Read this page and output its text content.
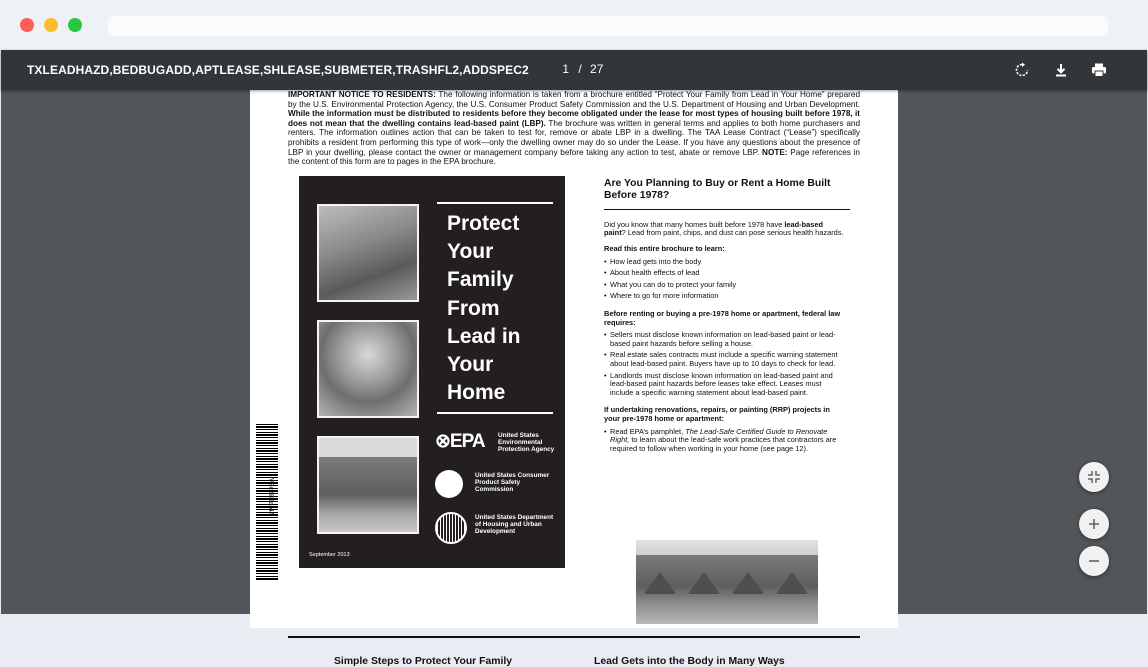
TXLEADHAZD,BEDBUGADD,APTLEASE,SHLEASE,SUBMETER,TRASHFL2,ADDSPEC2	1 / 27
IMPORTANT NOTICE TO RESIDENTS: The following information is taken from a brochure entitled “Protect Your Family from Lead in Your Home” prepared by the U.S. Environmental Protection Agency, the U.S. Consumer Product Safety Commission and the U.S. Department of Housing and Urban Development. While the information must be distributed to residents before they become obligated under the lease for most types of housing built before 1978, it does not mean that the dwelling contains lead-based paint (LBP). The brochure was written in general terms and applies to both home purchasers and renters. The information outlines action that can be taken to test for, remove or abate LBP in a dwelling. The TAA Lease Contract (“Lease”) specifically prohibits a resident from performing this type of work—only the dwelling owner may do so under the Lease. If you have any questions about the presence of LBP in your dwelling, please contact the owner or management company before taking any action to test, abate or remove LBP. NOTE: Page references in the content of this form are to pages in the EPA brochure.
V3ctf85af44
Protect
Your
Family
From
Lead in
Your
Home
⊗EPA United States Environmental Protection Agency
United States Consumer Product Safety Commission
United States Department of Housing and Urban Development
September 2013
Are You Planning to Buy or Rent a Home Built Before 1978?

Did you know that many homes built before 1978 have lead-based paint? Lead from paint, chips, and dust can pose serious health hazards.

Read this entire brochure to learn:
• How lead gets into the body
• About health effects of lead
• What you can do to protect your family
• Where to go for more information
Before renting or buying a pre-1978 home or apartment, federal law requires:
• Sellers must disclose known information on lead-based paint or lead-based paint hazards before selling a house.
• Real estate sales contracts must include a specific warning statement about lead-based paint. Buyers have up to 10 days to check for lead.
• Landlords must disclose known information on lead-based paint and lead-based paint hazards before leases take effect. Leases must include a specific warning statement about lead-based paint.
If undertaking renovations, repairs, or painting (RRP) projects in your pre-1978 home or apartment:
• Read EPA’s pamphlet, The Lead-Safe Certified Guide to Renovate Right, to learn about the lead-safe work practices that contractors are required to follow when working in your home (see page 12).
Simple Steps to Protect Your Family	Lead Gets into the Body in Many Ways
